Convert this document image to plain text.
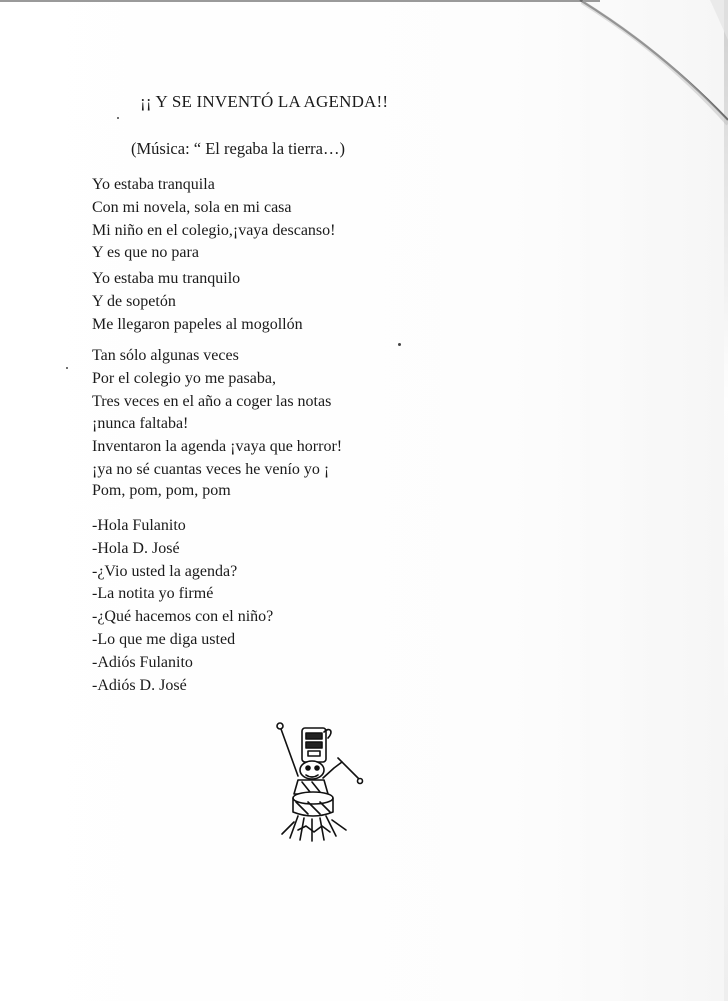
¡¡ Y SE INVENTÓ LA AGENDA!!
(Música: “ El regaba la tierra…)
Yo estaba tranquila
Con mi novela, sola en mi casa
Mi niño en el colegio,¡vaya descanso!
Y es que no para
Yo estaba mu tranquilo
Y de sopetón
Me llegaron papeles al mogollón
Tan sólo algunas veces
Por el colegio yo me pasaba,
Tres veces en el año a coger las notas
¡nunca faltaba!
Inventaron la agenda ¡vaya que horror!
¡ya no sé cuantas veces he venío yo ¡
Pom, pom, pom, pom
-Hola Fulanito
-Hola D. José
-¿Vio usted la agenda?
-La notita yo firmé
-¿Qué hacemos con el niño?
-Lo que me diga usted
-Adiós Fulanito
-Adiós D. José
